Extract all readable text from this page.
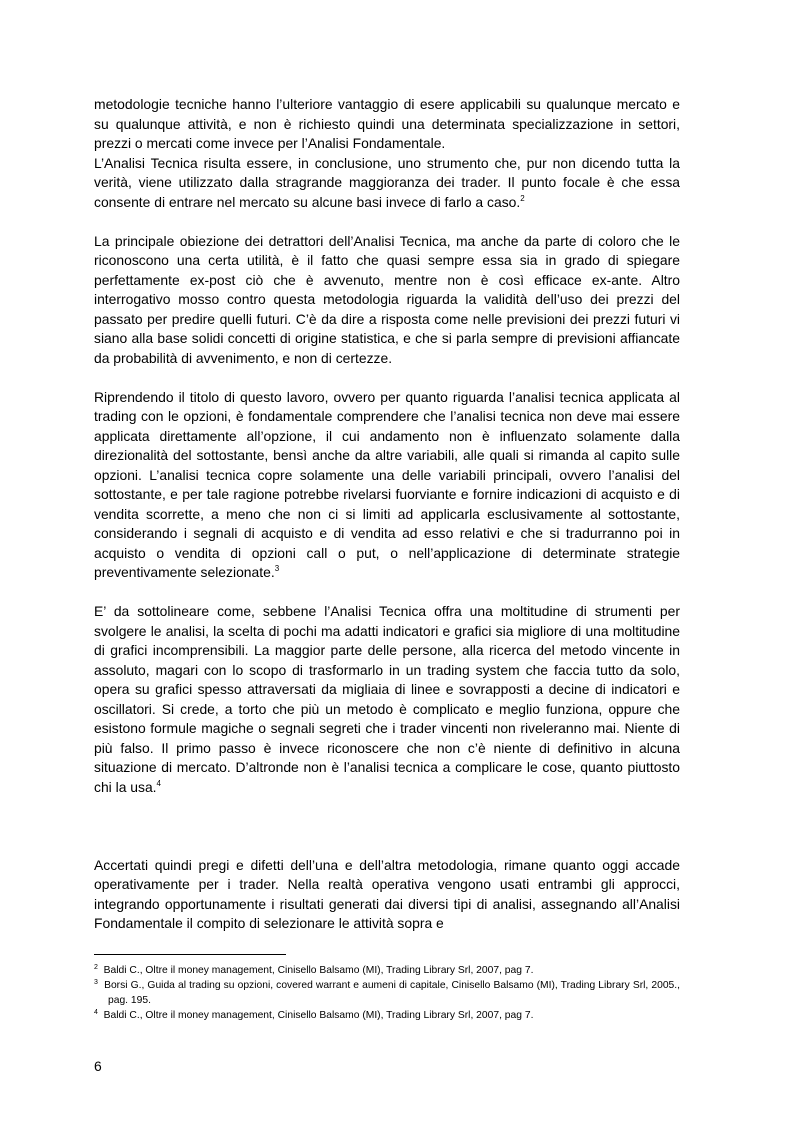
metodologie tecniche hanno l’ulteriore vantaggio di esere applicabili su qualunque mercato e su qualunque attività, e non è richiesto quindi una determinata specializzazione in settori, prezzi o mercati come invece per l’Analisi Fondamentale.

L’Analisi Tecnica risulta essere, in conclusione, uno strumento che, pur non dicendo tutta la verità, viene utilizzato dalla stragrande maggioranza dei trader. Il punto focale è che essa consente di entrare nel mercato su alcune basi invece di farlo a caso.$^2$

La principale obiezione dei detrattori dell’Analisi Tecnica, ma anche da parte di coloro che le riconoscono una certa utilità, è il fatto che quasi sempre essa sia in grado di spiegare perfettamente ex-post ciò che è avvenuto, mentre non è così efficace ex-ante. Altro interrogativo mosso contro questa metodologia riguarda la validità dell’uso dei prezzi del passato per predire quelli futuri. C’è da dire a risposta come nelle previsioni dei prezzi futuri vi siano alla base solidi concetti di origine statistica, e che si parla sempre di previsioni affiancate da probabilità di avvenimento, e non di certezze.

Riprendendo il titolo di questo lavoro, ovvero per quanto riguarda l’analisi tecnica applicata al trading con le opzioni, è fondamentale comprendere che l’analisi tecnica non deve mai essere applicata direttamente all’opzione, il cui andamento non è influenzato solamente dalla direzionalità del sottostante, bensì anche da altre variabili, alle quali si rimanda al capito sulle opzioni. L’analisi tecnica copre solamente una delle variabili principali, ovvero l’analisi del sottostante, e per tale ragione potrebbe rivelarsi fuorviante e fornire indicazioni di acquisto e di vendita scorrette, a meno che non ci si limiti ad applicarla esclusivamente al sottostante, considerando i segnali di acquisto e di vendita ad esso relativi e che si tradurranno poi in acquisto o vendita di opzioni call o put, o nell’applicazione di determinate strategie preventivamente selezionate.$^3$

E’ da sottolineare come, sebbene l’Analisi Tecnica offra una moltitudine di strumenti per svolgere le analisi, la scelta di pochi ma adatti indicatori e grafici sia migliore di una moltitudine di grafici incomprensibili. La maggior parte delle persone, alla ricerca del metodo vincente in assoluto, magari con lo scopo di trasformarlo in un trading system che faccia tutto da solo, opera su grafici spesso attraversati da migliaia di linee e sovrapposti a decine di indicatori e oscillatori. Si crede, a torto che più un metodo è complicato e meglio funziona, oppure che esistono formule magiche o segnali segreti che i trader vincenti non riveleranno mai. Niente di più falso. Il primo passo è invece riconoscere che non c’è niente di definitivo in alcuna situazione di mercato. D’altronde non è l’analisi tecnica a complicare le cose, quanto piuttosto chi la usa.$^4$

Accertati quindi pregi e difetti dell’una e dell’altra metodologia, rimane quanto oggi accade operativamente per i trader. Nella realtà operativa vengono usati entrambi gli approcci, integrando opportunamente i risultati generati dai diversi tipi di analisi, assegnando all’Analisi Fondamentale il compito di selezionare le attività sopra e

$^2$ Baldi C., Oltre il money management, Cinisello Balsamo (MI), Trading Library Srl, 2007, pag 7.

$^3$ Borsi G., Guida al trading su opzioni, covered warrant e aumeni di capitale, Cinisello Balsamo (MI), Trading Library Srl, 2005., pag. 195.

$^4$ Baldi C., Oltre il money management, Cinisello Balsamo (MI), Trading Library Srl, 2007, pag 7.

6
